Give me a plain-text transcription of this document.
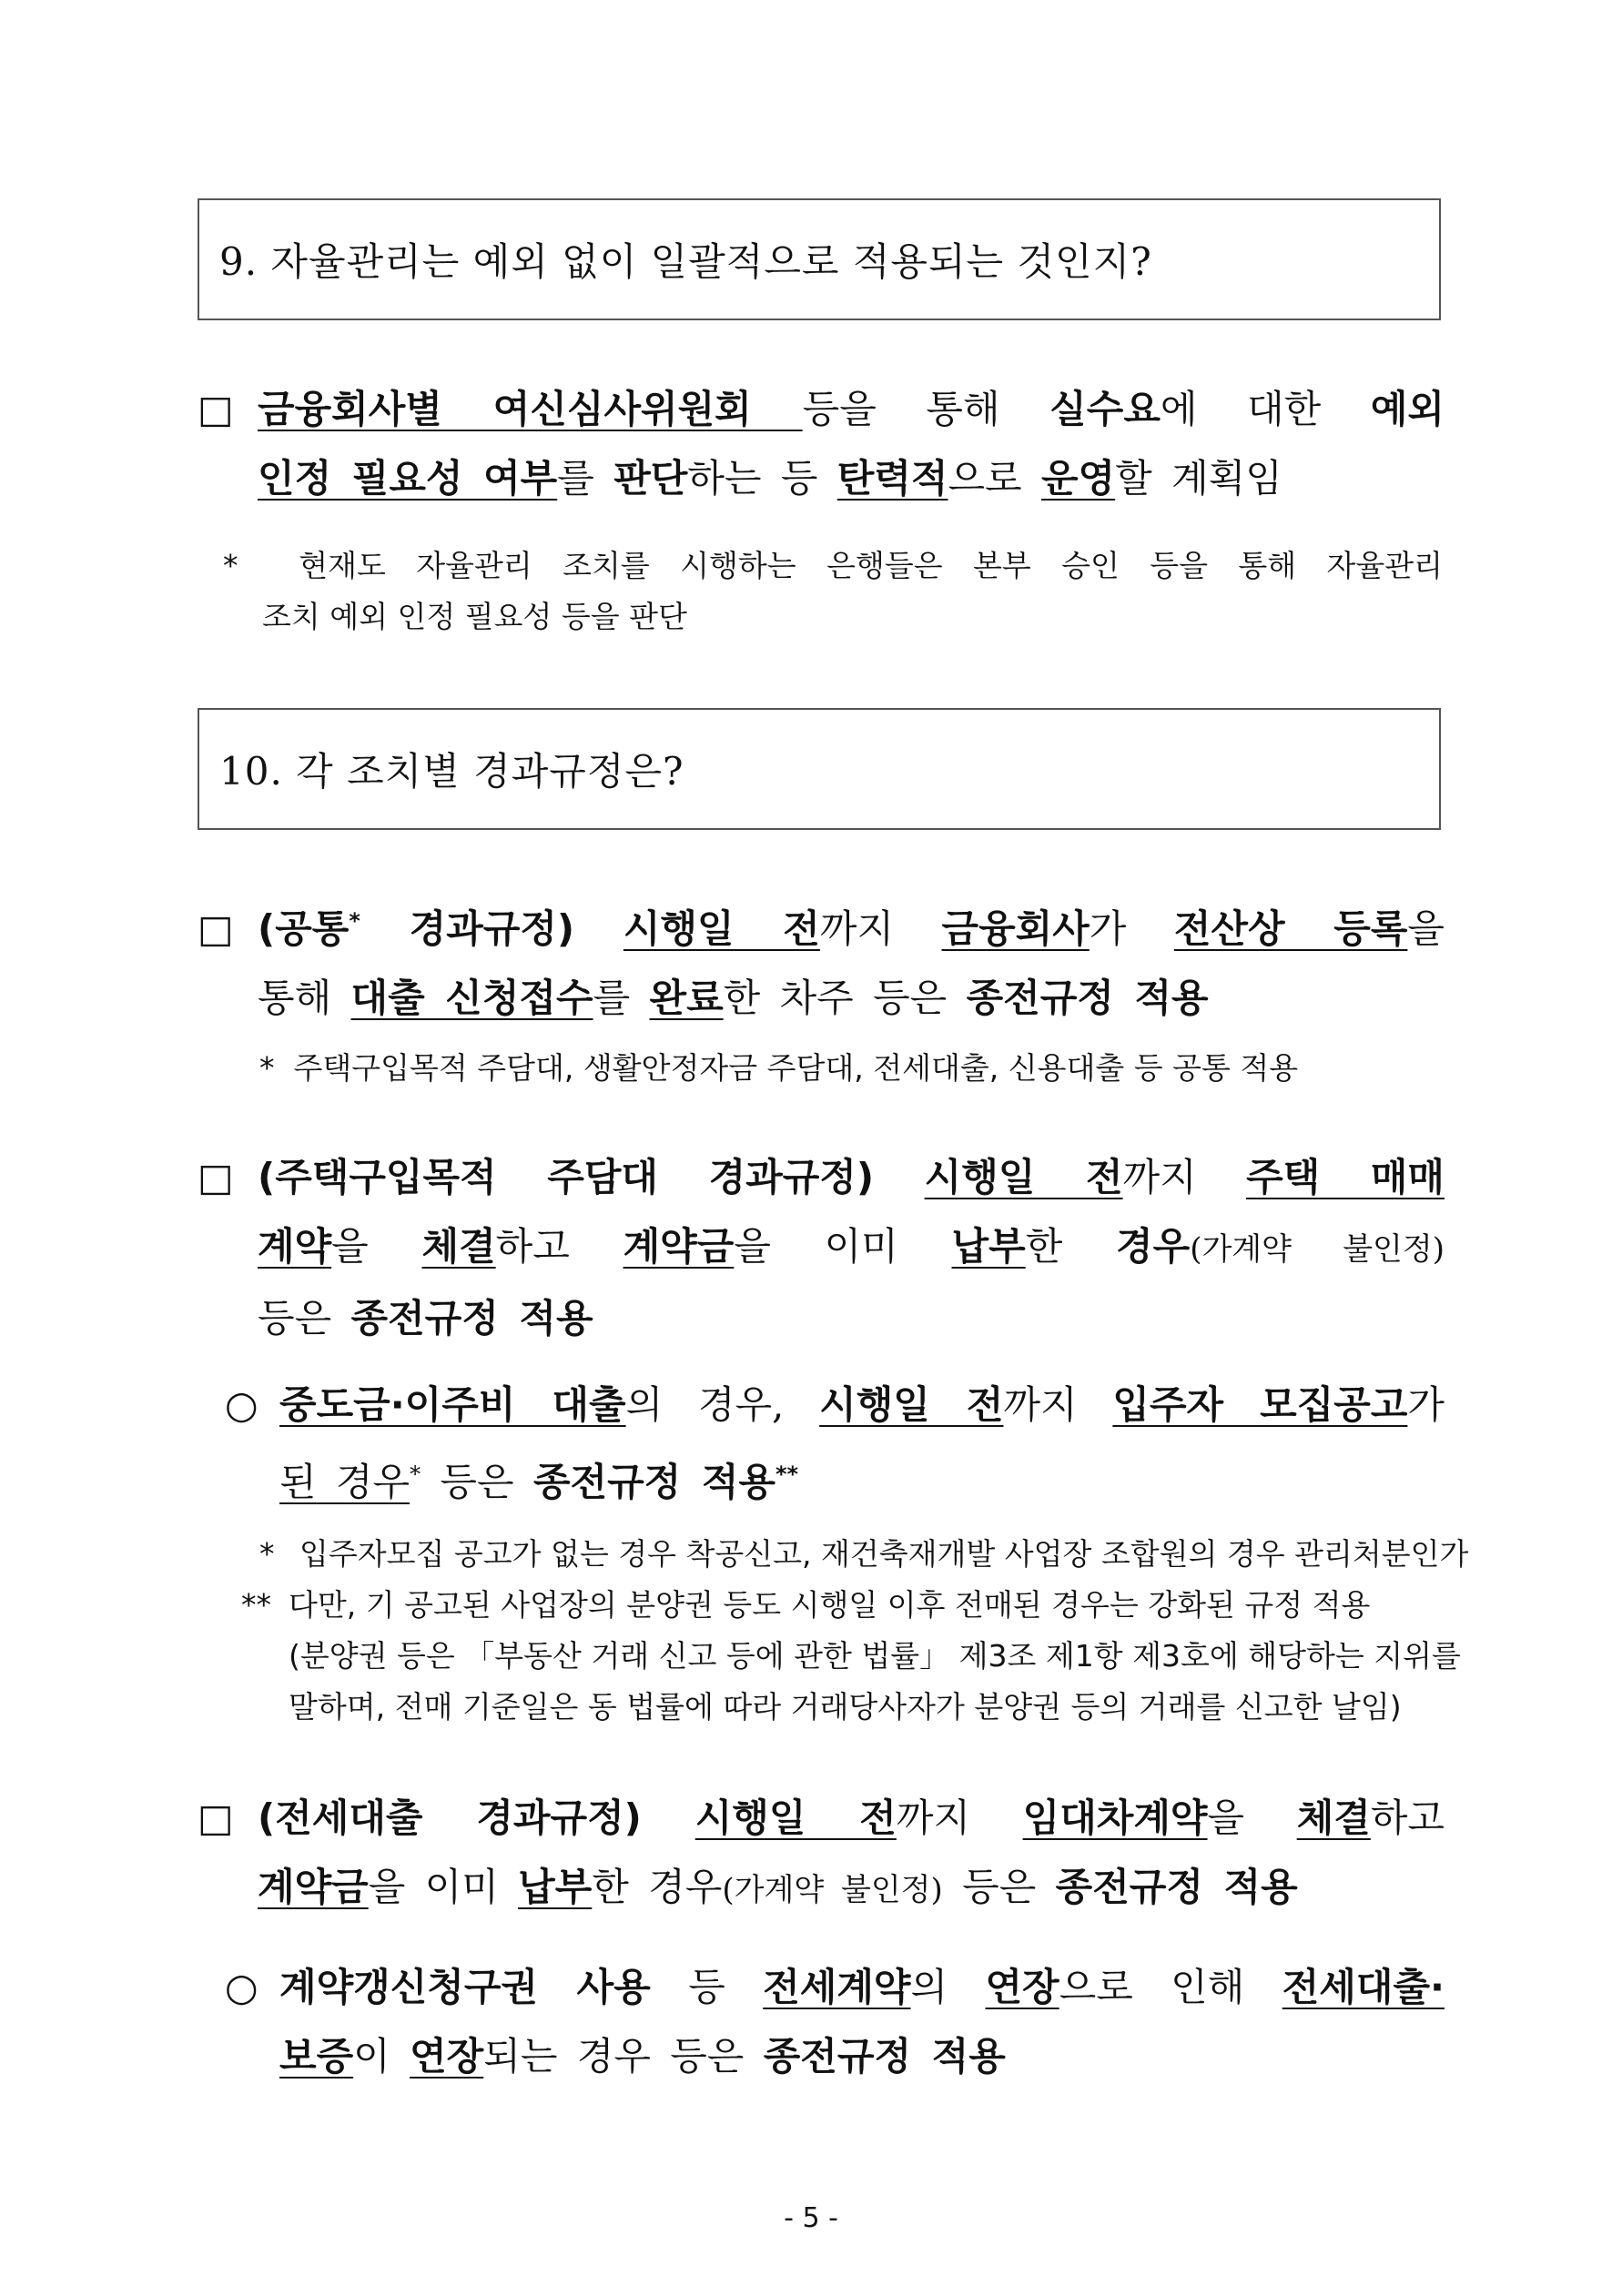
9. 자율관리는 예외 없이 일괄적으로 적용되는 것인지?
□ 금융회사별 여신심사위원회 등을 통해 실수요에 대한 예외
인정 필요성 여부를 판단하는 등 탄력적으로 운영할 계획임
* 현재도 자율관리 조치를 시행하는 은행들은 본부 승인 등을 통해 자율관리
조치 예외 인정 필요성 등을 판단
10. 각 조치별 경과규정은?
□ (공통* 경과규정) 시행일 전까지 금융회사가 전산상 등록을
통해 대출 신청접수를 완료한 차주 등은 종전규정 적용
* 주택구입목적 주담대, 생활안정자금 주담대, 전세대출, 신용대출 등 공통 적용
□ (주택구입목적 주담대 경과규정) 시행일 전까지 주택 매매
계약을 체결하고 계약금을 이미 납부한 경우(가계약 불인정)
등은 종전규정 적용
○ 중도금·이주비 대출의 경우, 시행일 전까지 입주자 모집공고가
된 경우* 등은 종전규정 적용**
* 입주자모집 공고가 없는 경우 착공신고, 재건축재개발 사업장 조합원의 경우 관리처분인가
** 다만, 기 공고된 사업장의 분양권 등도 시행일 이후 전매된 경우는 강화된 규정 적용
(분양권 등은 「부동산 거래 신고 등에 관한 법률」 제3조 제1항 제3호에 해당하는 지위를
말하며, 전매 기준일은 동 법률에 따라 거래당사자가 분양권 등의 거래를 신고한 날임)
□ (전세대출 경과규정) 시행일 전까지 임대차계약을 체결하고
계약금을 이미 납부한 경우(가계약 불인정) 등은 종전규정 적용
○ 계약갱신청구권 사용 등 전세계약의 연장으로 인해 전세대출·
보증이 연장되는 경우 등은 종전규정 적용
- 5 -
